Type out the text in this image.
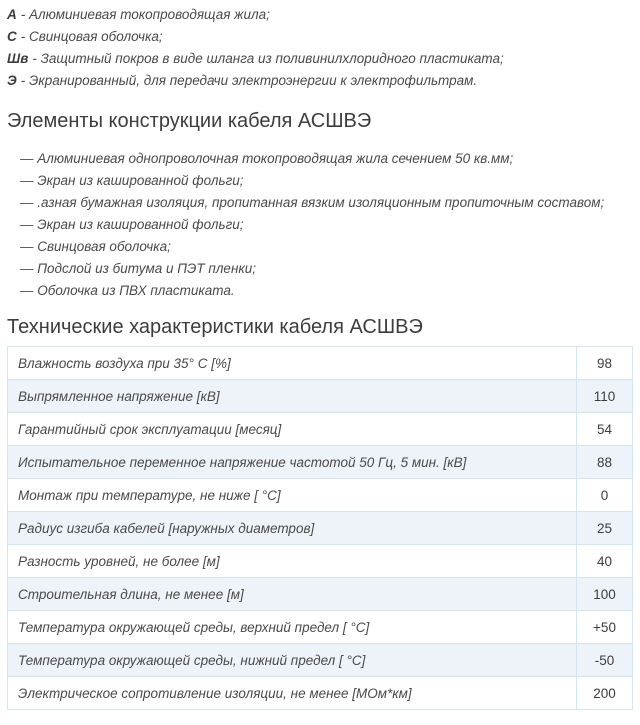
А - Алюминиевая токопроводящая жила;
С - Свинцовая оболочка;
Шв - Защитный покров в виде шланга из поливинилхлоридного пластиката;
Э - Экранированный, для передачи электроэнергии к электрофильтрам.
Элементы конструкции кабеля АСШВЭ
— Алюминиевая однопроволочная токопроводящая жила сечением 50 кв.мм;
— Экран из кашированной фольги;
— .азная бумажная изоляция, пропитанная вязким изоляционным пропиточным составом;
— Экран из кашированной фольги;
— Свинцовая оболочка;
— Подслой из битума и ПЭТ пленки;
— Оболочка из ПВХ пластиката.
Технические характеристики кабеля АСШВЭ
Влажность воздуха при 35° С [%]	98
Выпрямленное напряжение [кВ]	110
Гарантийный срок эксплуатации [месяц]	54
Испытательное переменное напряжение частотой 50 Гц, 5 мин. [кВ]	88
Монтаж при температуре, не ниже [ °С]	0
Радиус изгиба кабелей [наружных диаметров]	25
Разность уровней, не более [м]	40
Строительная длина, не менее [м]	100
Температура окружающей среды, верхний предел [ °С]	+50
Температура окружающей среды, нижний предел [ °С]	-50
Электрическое сопротивление изоляции, не менее [МОм*км]	200
